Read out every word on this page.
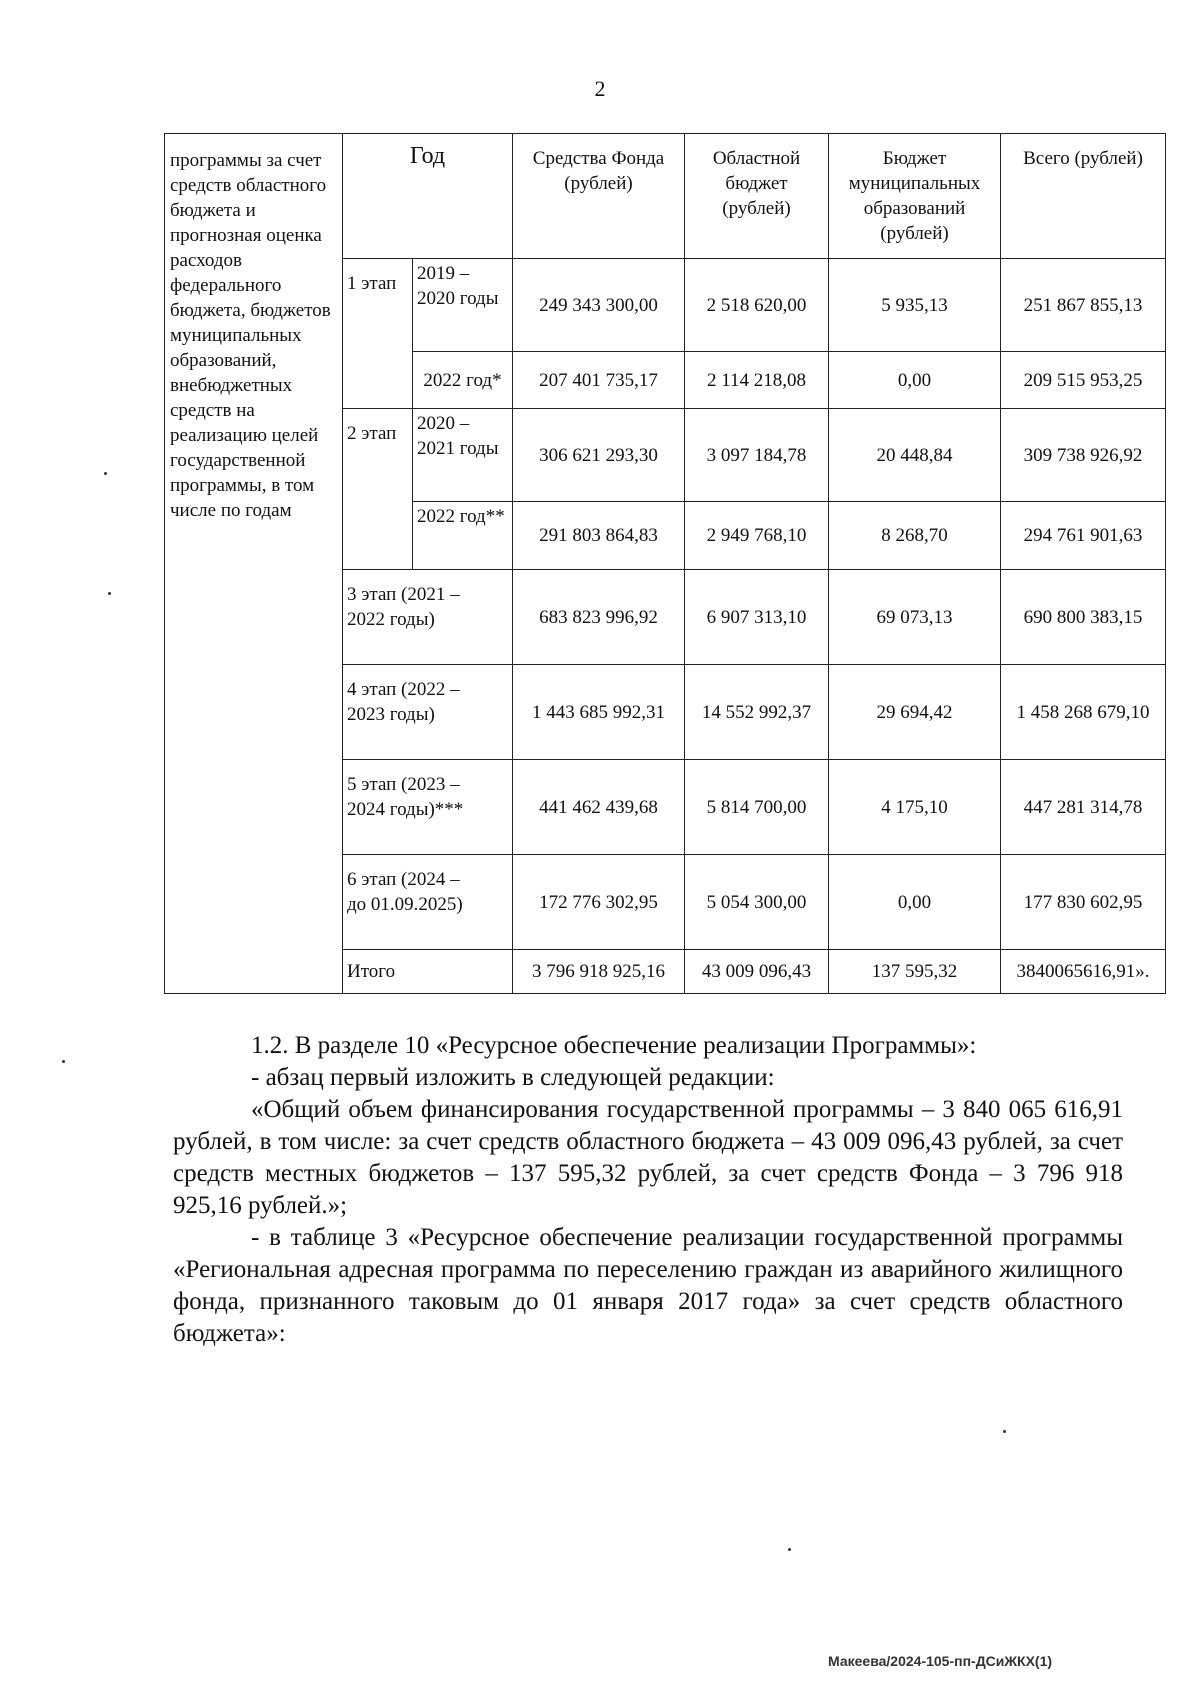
2
программы за счет средств областного бюджета и прогнозная оценка расходов федерального бюджета, бюджетов муниципальных образований, внебюджетных средств на реализацию целей государственной программы, в том числе по годам	Год		Средства Фонда (рублей)	Областной бюджет (рублей)	Бюджет муниципальных образований (рублей)	Всего (рублей)
	1 этап	2019 – 2020 годы	249 343 300,00	2 518 620,00	5 935,13	251 867 855,13
		2022 год*	207 401 735,17	2 114 218,08	0,00	209 515 953,25
	2 этап	2020 – 2021 годы	306 621 293,30	3 097 184,78	20 448,84	309 738 926,92
		2022 год**	291 803 864,83	2 949 768,10	8 268,70	294 761 901,63
	3 этап (2021 – 2022 годы)		683 823 996,92	6 907 313,10	69 073,13	690 800 383,15
	4 этап (2022 – 2023 годы)		1 443 685 992,31	14 552 992,37	29 694,42	1 458 268 679,10
	5 этап (2023 – 2024 годы)***		441 462 439,68	5 814 700,00	4 175,10	447 281 314,78
	6 этап (2024 – до 01.09.2025)		172 776 302,95	5 054 300,00	0,00	177 830 602,95
	Итого		3 796 918 925,16	43 009 096,43	137 595,32	3840065616,91».

1.2. В разделе 10 «Ресурсное обеспечение реализации Программы»:

- абзац первый изложить в следующей редакции:

«Общий объем финансирования государственной программы – 3 840 065 616,91 рублей, в том числе: за счет средств областного бюджета – 43 009 096,43 рублей, за счет средств местных бюджетов – 137 595,32 рублей, за счет средств Фонда – 3 796 918 925,16 рублей.»;

- в таблице 3 «Ресурсное обеспечение реализации государственной программы «Региональная адресная программа по переселению граждан из аварийного жилищного фонда, признанного таковым до 01 января 2017 года» за счет средств областного бюджета»:

Макеева/2024-105-пп-ДСиЖКХ(1)
